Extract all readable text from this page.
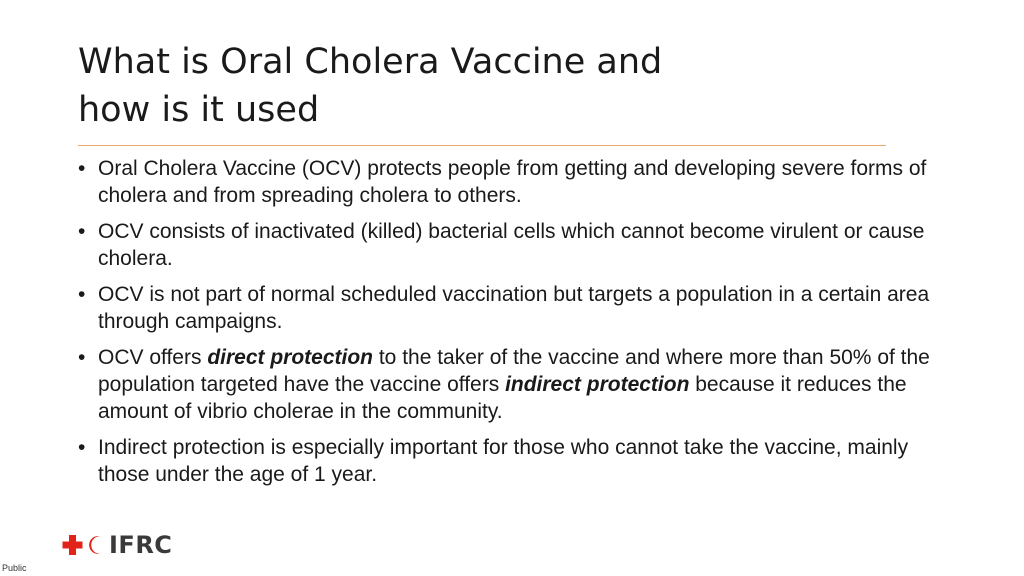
What is Oral Cholera Vaccine and
how is it used
• Oral Cholera Vaccine (OCV) protects people from getting and developing severe forms of cholera and from spreading cholera to others.
• OCV consists of inactivated (killed) bacterial cells which cannot become virulent or cause cholera.
• OCV is not part of normal scheduled vaccination but targets a population in a certain area through campaigns.
• OCV offers direct protection to the taker of the vaccine and where more than 50% of the population targeted have the vaccine offers indirect protection because it reduces the amount of vibrio cholerae in the community.
• Indirect protection is especially important for those who cannot take the vaccine, mainly those under the age of 1 year.
IFRC
Public
